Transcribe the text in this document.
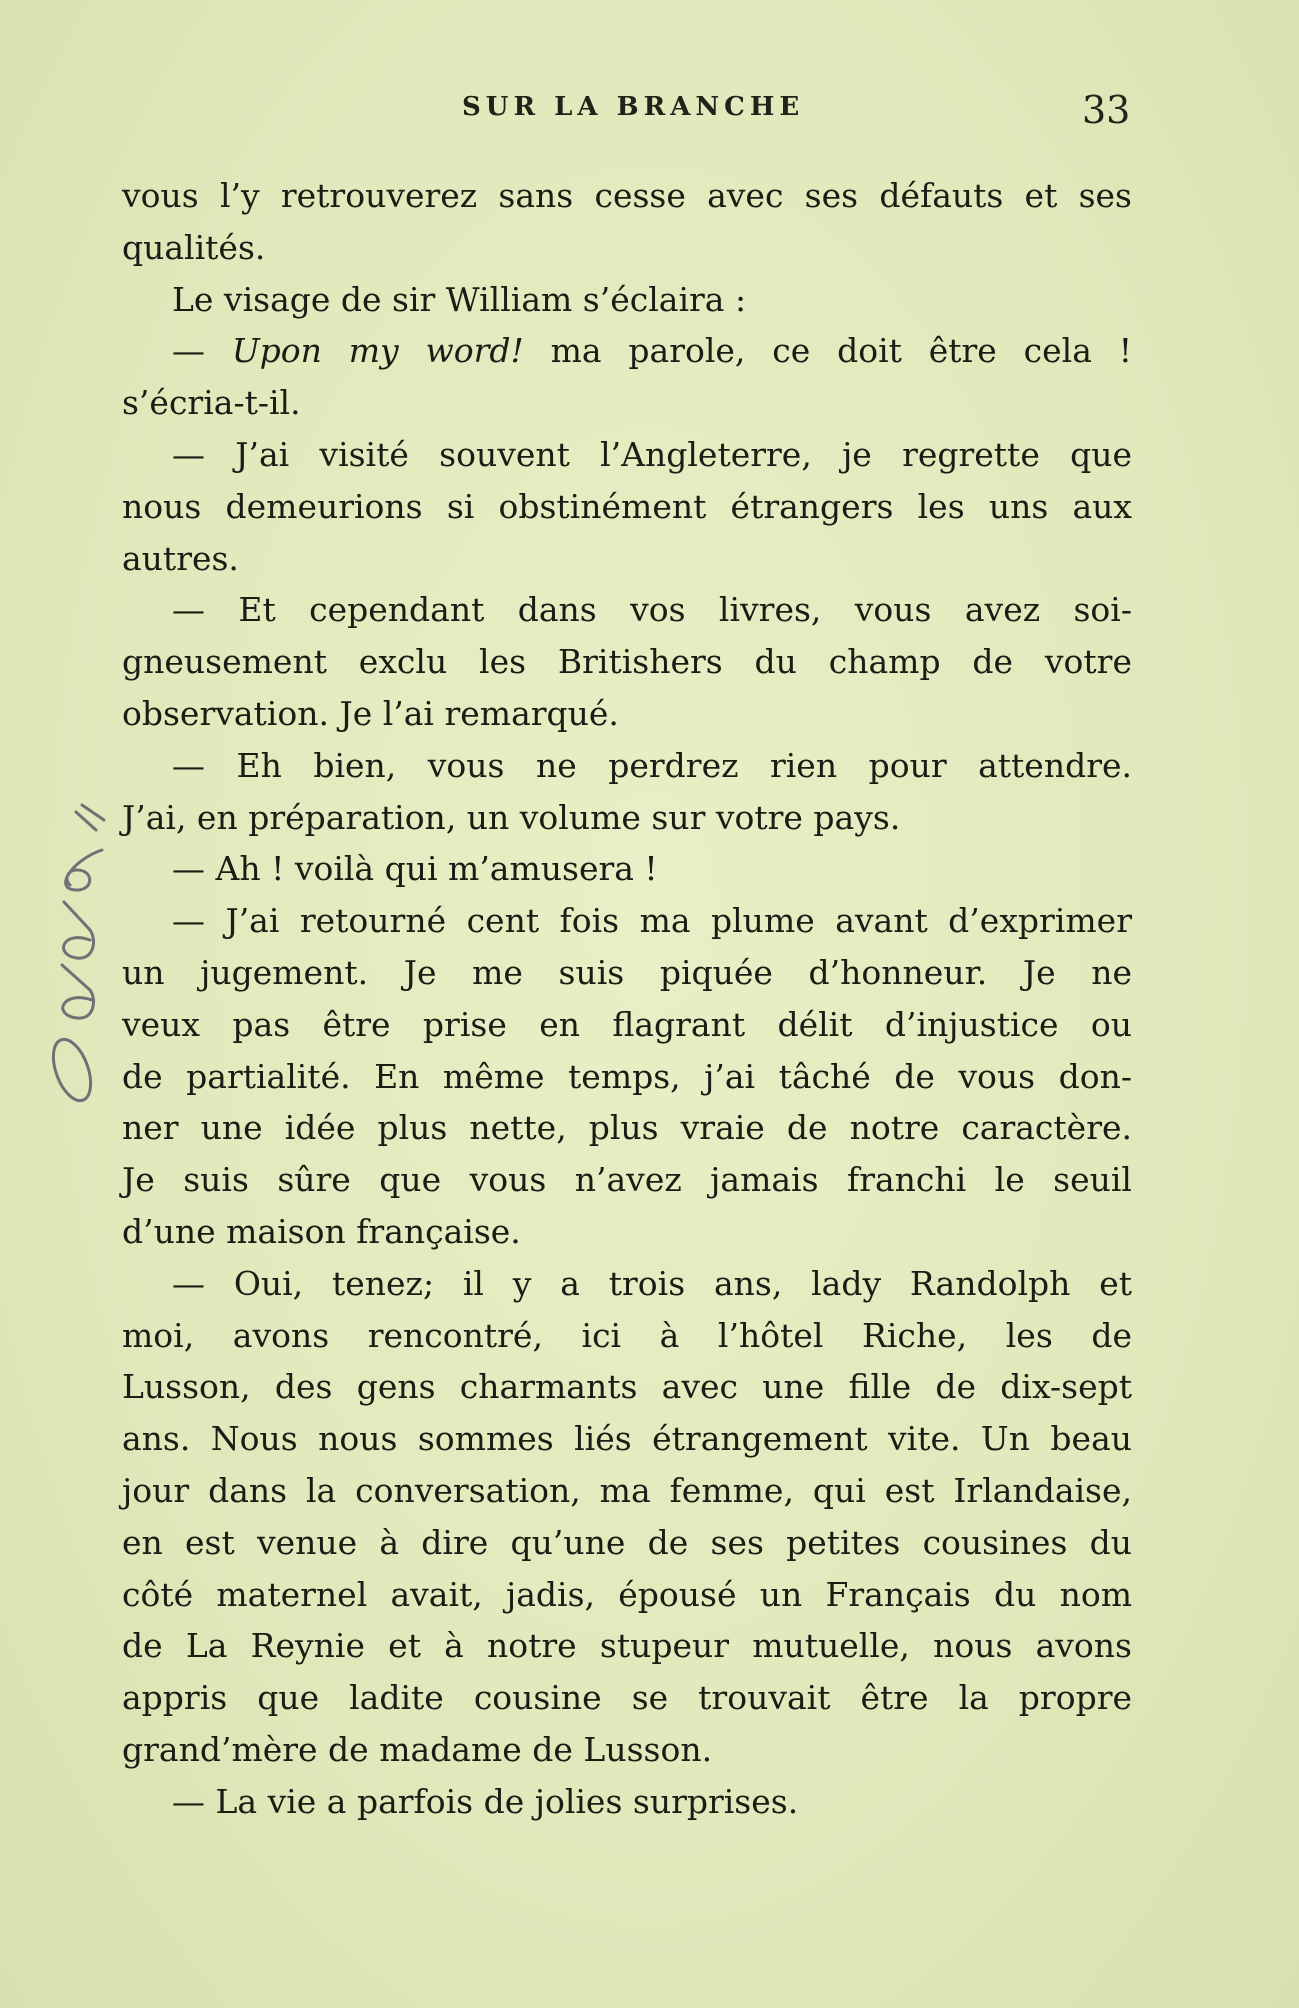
SUR LA BRANCHE	33
vous l’y retrouverez sans cesse avec ses défauts et ses
qualités.
Le visage de sir William s’éclaira :
— Upon my word! ma parole, ce doit être cela !
s’écria-t-il.
— J’ai visité souvent l’Angleterre, je regrette que
nous demeurions si obstinément étrangers les uns aux
autres.
— Et cependant dans vos livres, vous avez soi-
gneusement exclu les Britishers du champ de votre
observation. Je l’ai remarqué.
— Eh bien, vous ne perdrez rien pour attendre.
J’ai, en préparation, un volume sur votre pays.
— Ah ! voilà qui m’amusera !
— J’ai retourné cent fois ma plume avant d’exprimer
un jugement. Je me suis piquée d’honneur. Je ne
veux pas être prise en flagrant délit d’injustice ou
de partialité. En même temps, j’ai tâché de vous don-
ner une idée plus nette, plus vraie de notre caractère.
Je suis sûre que vous n’avez jamais franchi le seuil
d’une maison française.
— Oui, tenez; il y a trois ans, lady Randolph et
moi, avons rencontré, ici à l’hôtel Riche, les de
Lusson, des gens charmants avec une fille de dix-sept
ans. Nous nous sommes liés étrangement vite. Un beau
jour dans la conversation, ma femme, qui est Irlandaise,
en est venue à dire qu’une de ses petites cousines du
côté maternel avait, jadis, épousé un Français du nom
de La Reynie et à notre stupeur mutuelle, nous avons
appris que ladite cousine se trouvait être la propre
grand’mère de madame de Lusson.
— La vie a parfois de jolies surprises.
